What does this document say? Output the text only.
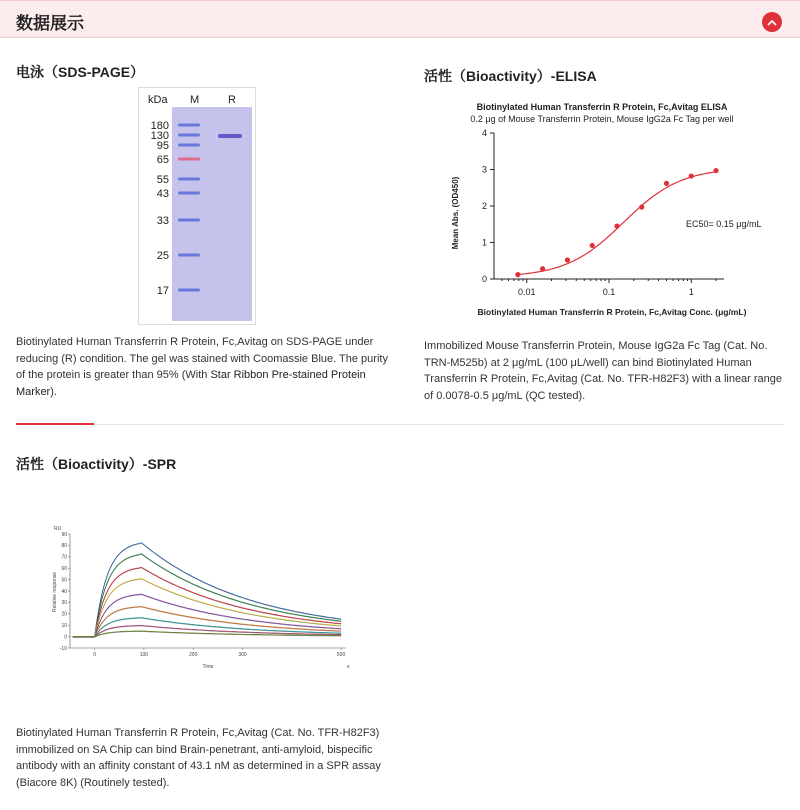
数据展示
电泳（SDS-PAGE）
kDa M	R
180
130
95
65
55
43
33
25
17
Biotinylated Human Transferrin R Protein, Fc,Avitag on SDS-PAGE under reducing (R) condition. The gel was stained with Coomassie Blue. The purity of the protein is greater than 95% (With Star Ribbon Pre-stained Protein Marker).
活性（Bioactivity）-ELISA
Biotinylated Human Transferrin R Protein, Fc,Avitag ELISA
0.2 μg of Mouse Transferrin Protein, Mouse IgG2a Fc Tag per well
Mean Abs. (OD450)
Biotinylated Human Transferrin R Protein, Fc,Avitag Conc. (μg/mL)
EC50= 0.15 μg/mL
0
1
2
3
4
0.01	0.1	1
Immobilized Mouse Transferrin Protein, Mouse IgG2a Fc Tag (Cat. No. TRN-M525b) at 2 μg/mL (100 μL/well) can bind Biotinylated Human Transferrin R Protein, Fc,Avitag (Cat. No. TFR-H82F3) with a linear range of 0.0078-0.5 μg/mL (QC tested).
活性（Bioactivity）-SPR
RU
Relative response
Time	s
-10
0
10
20
30
40
50
60
70
80
90
0	100	200	300	500
Biotinylated Human Transferrin R Protein, Fc,Avitag (Cat. No. TFR-H82F3) immobilized on SA Chip can bind Brain-penetrant, anti-amyloid, bispecific antibody with an affinity constant of 43.1 nM as determined in a SPR assay (Biacore 8K) (Routinely tested).
